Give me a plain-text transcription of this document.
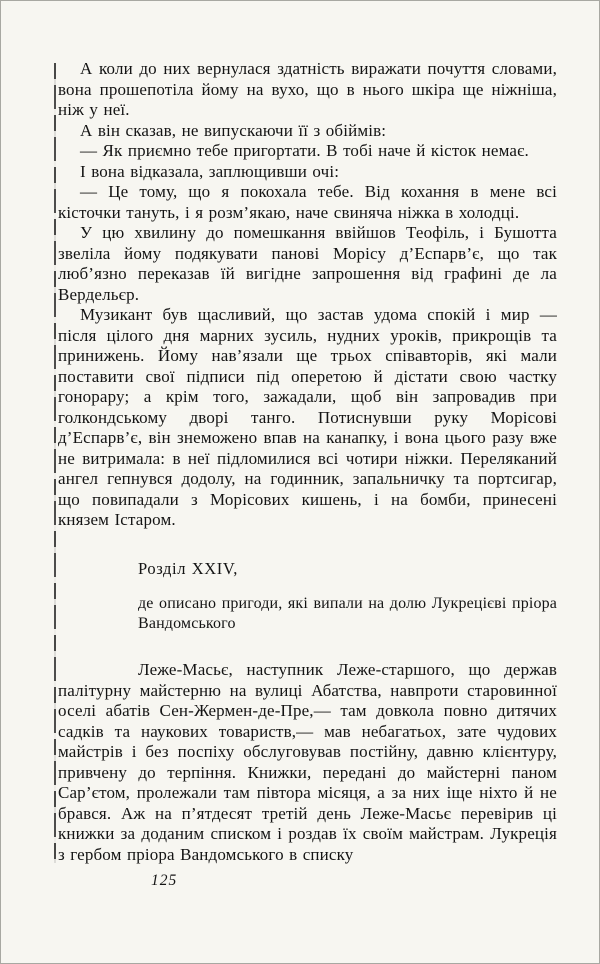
А коли до них вернулася здатність виражати почуття словами, вона прошепотіла йому на вухо, що в нього шкіра ще ніжніша, ніж у неї.

А він сказав, не випускаючи її з обіймів:

— Як приємно тебе пригортати. В тобі наче й кісток немає.

І вона відказала, заплющивши очі:

— Це тому, що я покохала тебе. Від кохання в мене всі кісточки тануть, і я розм’якаю, наче свиняча ніжка в холодці.

У цю хвилину до помешкання ввійшов Теофіль, і Бушотта звеліла йому подякувати панові Морісу д’Еспарв’є, що так люб’язно переказав їй вигідне запрошення від графині де ла Вердельєр.

Музикант був щасливий, що застав удома спокій і мир — після цілого дня марних зусиль, нудних уроків, прикрощів та принижень. Йому нав’язали ще трьох співавторів, які мали поставити свої підписи під оперетою й дістати свою частку гонорару; а крім того, зажадали, щоб він запровадив при голкондському дворі танго. Потиснувши руку Морісові д’Еспарв’є, він знеможено впав на канапку, і вона цього разу вже не витримала: в неї підломилися всі чотири ніжки. Переляканий ангел гепнувся додолу, на годинник, запальничку та портсигар, що повипадали з Морісових кишень, і на бомби, принесені князем Істаром.

Розділ XXIV,

де описано пригоди, які випали на долю Лукрецієві пріора Вандомського

Леже-Масьє, наступник Леже-старшого, що держав палітурну майстерню на вулиці Абатства, навпроти старовинної оселі абатів Сен-Жермен-де-Пре,— там довкола повно дитячих садків та наукових товариств,— мав небагатьох, зате чудових майстрів і без поспіху обслуговував постійну, давню клієнтуру, привчену до терпіння. Книжки, передані до майстерні паном Сар’єтом, пролежали там півтора місяця, а за них іще ніхто й не брався. Аж на п’ятдесят третій день Леже-Масьє перевірив ці книжки за доданим списком і роздав їх своїм майстрам. Лукреція з гербом пріора Вандомського в списку

125
